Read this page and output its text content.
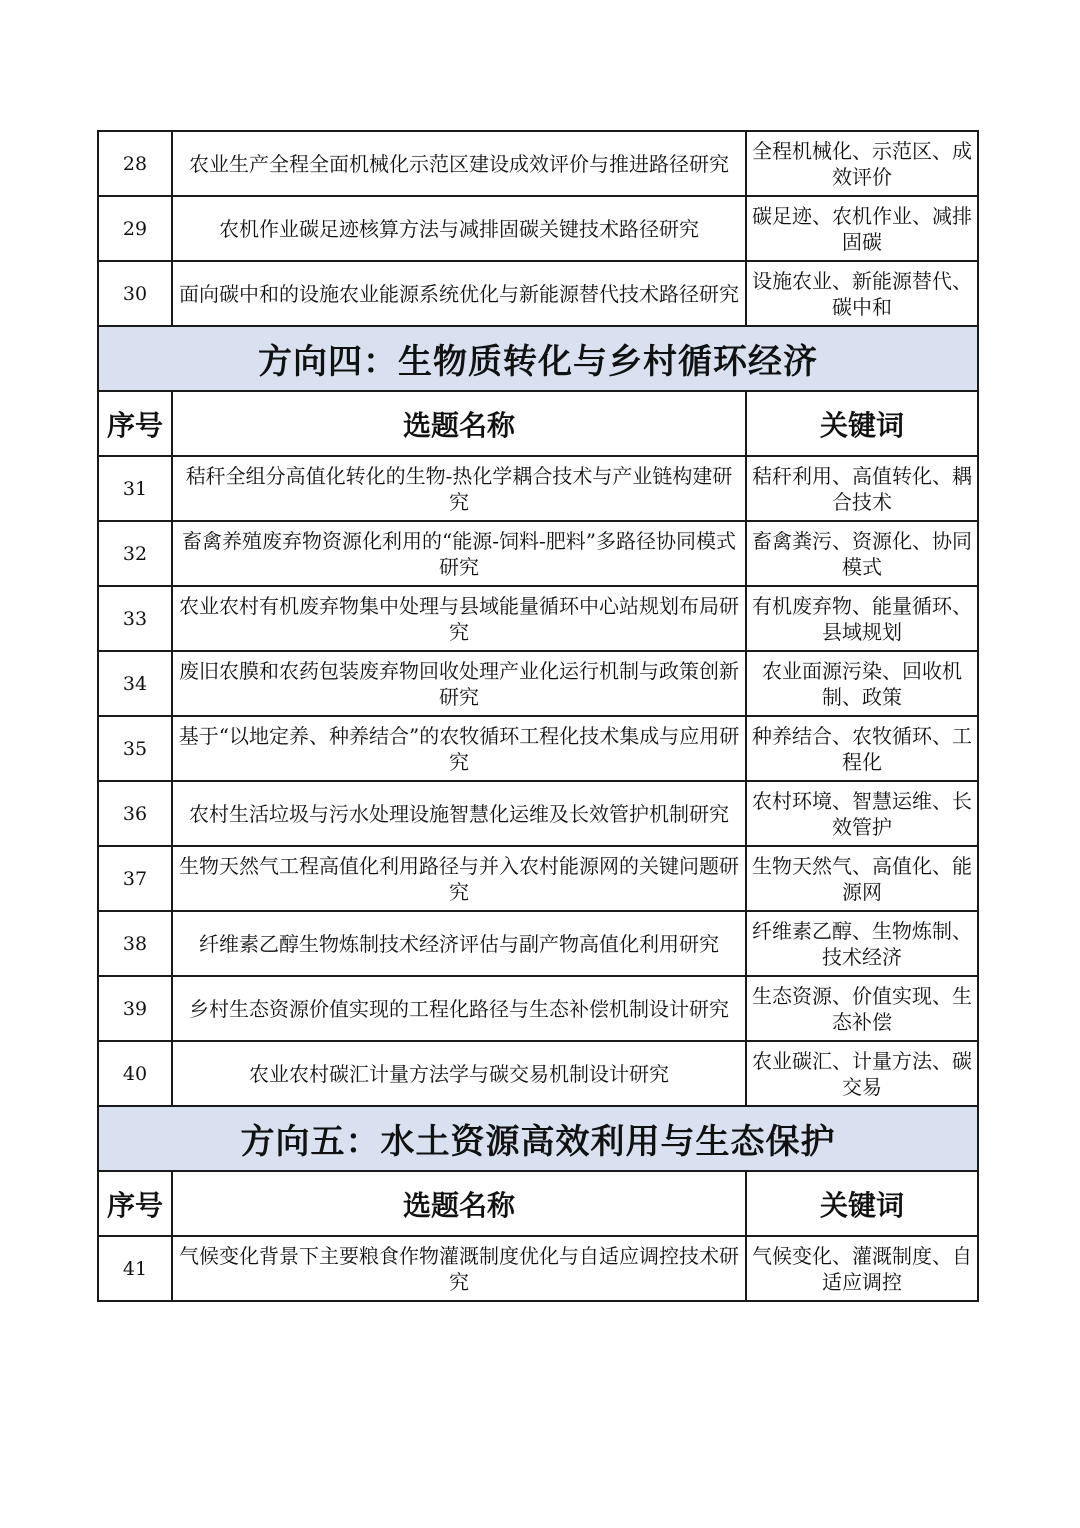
28	农业生产全程全面机械化示范区建设成效评价与推进路径研究	全程机械化、示范区、成效评价
29	农机作业碳足迹核算方法与减排固碳关键技术路径研究	碳足迹、农机作业、减排固碳
30	面向碳中和的设施农业能源系统优化与新能源替代技术路径研究	设施农业、新能源替代、碳中和
方向四：生物质转化与乡村循环经济		
序号	选题名称	关键词
31	秸秆全组分高值化转化的生物-热化学耦合技术与产业链构建研究	秸秆利用、高值转化、耦合技术
32	畜禽养殖废弃物资源化利用的“能源-饲料-肥料”多路径协同模式研究	畜禽粪污、资源化、协同模式
33	农业农村有机废弃物集中处理与县域能量循环中心站规划布局研究	有机废弃物、能量循环、县域规划
34	废旧农膜和农药包装废弃物回收处理产业化运行机制与政策创新研究	农业面源污染、回收机制、政策
35	基于“以地定养、种养结合”的农牧循环工程化技术集成与应用研究	种养结合、农牧循环、工程化
36	农村生活垃圾与污水处理设施智慧化运维及长效管护机制研究	农村环境、智慧运维、长效管护
37	生物天然气工程高值化利用路径与并入农村能源网的关键问题研究	生物天然气、高值化、能源网
38	纤维素乙醇生物炼制技术经济评估与副产物高值化利用研究	纤维素乙醇、生物炼制、技术经济
39	乡村生态资源价值实现的工程化路径与生态补偿机制设计研究	生态资源、价值实现、生态补偿
40	农业农村碳汇计量方法学与碳交易机制设计研究	农业碳汇、计量方法、碳交易
方向五：水土资源高效利用与生态保护		
序号	选题名称	关键词
41	气候变化背景下主要粮食作物灌溉制度优化与自适应调控技术研究	气候变化、灌溉制度、自适应调控
